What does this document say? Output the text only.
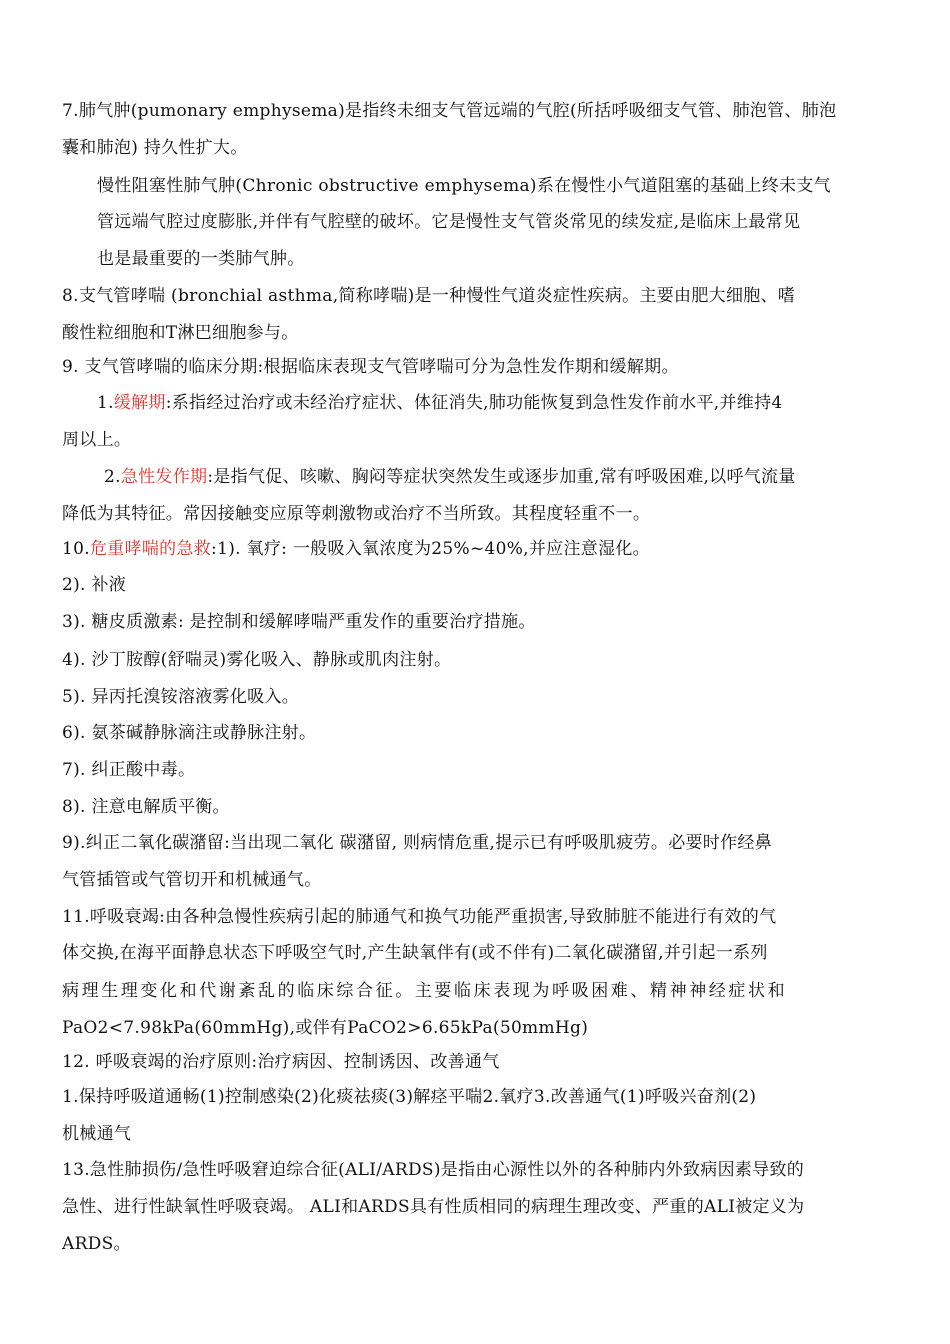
7.肺气肿(pumonary emphysema)是指终未细支气管远端的气腔(所括呼吸细支气管、肺泡管、肺泡
囊和肺泡) 持久性扩大。
慢性阻塞性肺气肿(Chronic obstructive emphysema)系在慢性小气道阻塞的基础上终未支气
管远端气腔过度膨胀,并伴有气腔壁的破坏。它是慢性支气管炎常见的续发症,是临床上最常见
也是最重要的一类肺气肿。
8.支气管哮喘 (bronchial asthma,简称哮喘)是一种慢性气道炎症性疾病。主要由肥大细胞、嗜
酸性粒细胞和T淋巴细胞参与。
9. 支气管哮喘的临床分期:根据临床表现支气管哮喘可分为急性发作期和缓解期。
1.缓解期:系指经过治疗或未经治疗症状、体征消失,肺功能恢复到急性发作前水平,并维持4
周以上。
2.急性发作期:是指气促、咳嗽、胸闷等症状突然发生或逐步加重,常有呼吸困难,以呼气流量
降低为其特征。常因接触变应原等刺激物或治疗不当所致。其程度轻重不一。
10.危重哮喘的急救:1). 氧疗: 一般吸入氧浓度为25%~40%,并应注意湿化。
2). 补液
3). 糖皮质激素: 是控制和缓解哮喘严重发作的重要治疗措施。
4). 沙丁胺醇(舒喘灵)雾化吸入、静脉或肌肉注射。
5). 异丙托溴铵溶液雾化吸入。
6). 氨茶碱静脉滴注或静脉注射。
7). 纠正酸中毒。
8). 注意电解质平衡。
9).纠正二氧化碳潴留:当出现二氧化 碳潴留, 则病情危重,提示已有呼吸肌疲劳。必要时作经鼻
气管插管或气管切开和机械通气。
11.呼吸衰竭:由各种急慢性疾病引起的肺通气和换气功能严重损害,导致肺脏不能进行有效的气
体交换,在海平面静息状态下呼吸空气时,产生缺氧伴有(或不伴有)二氧化碳潴留,并引起一系列
病理生理变化和代谢紊乱的临床综合征。主要临床表现为呼吸困难、精神神经症状和
PaO2<7.98kPa(60mmHg),或伴有PaCO2>6.65kPa(50mmHg)
12. 呼吸衰竭的治疗原则:治疗病因、控制诱因、改善通气
1.保持呼吸道通畅(1)控制感染(2)化痰祛痰(3)解痉平喘2.氧疗3.改善通气(1)呼吸兴奋剂(2)
机械通气
13.急性肺损伤/急性呼吸窘迫综合征(ALI/ARDS)是指由心源性以外的各种肺内外致病因素导致的
急性、进行性缺氧性呼吸衰竭。 ALI和ARDS具有性质相同的病理生理改变、严重的ALI被定义为
ARDS。
